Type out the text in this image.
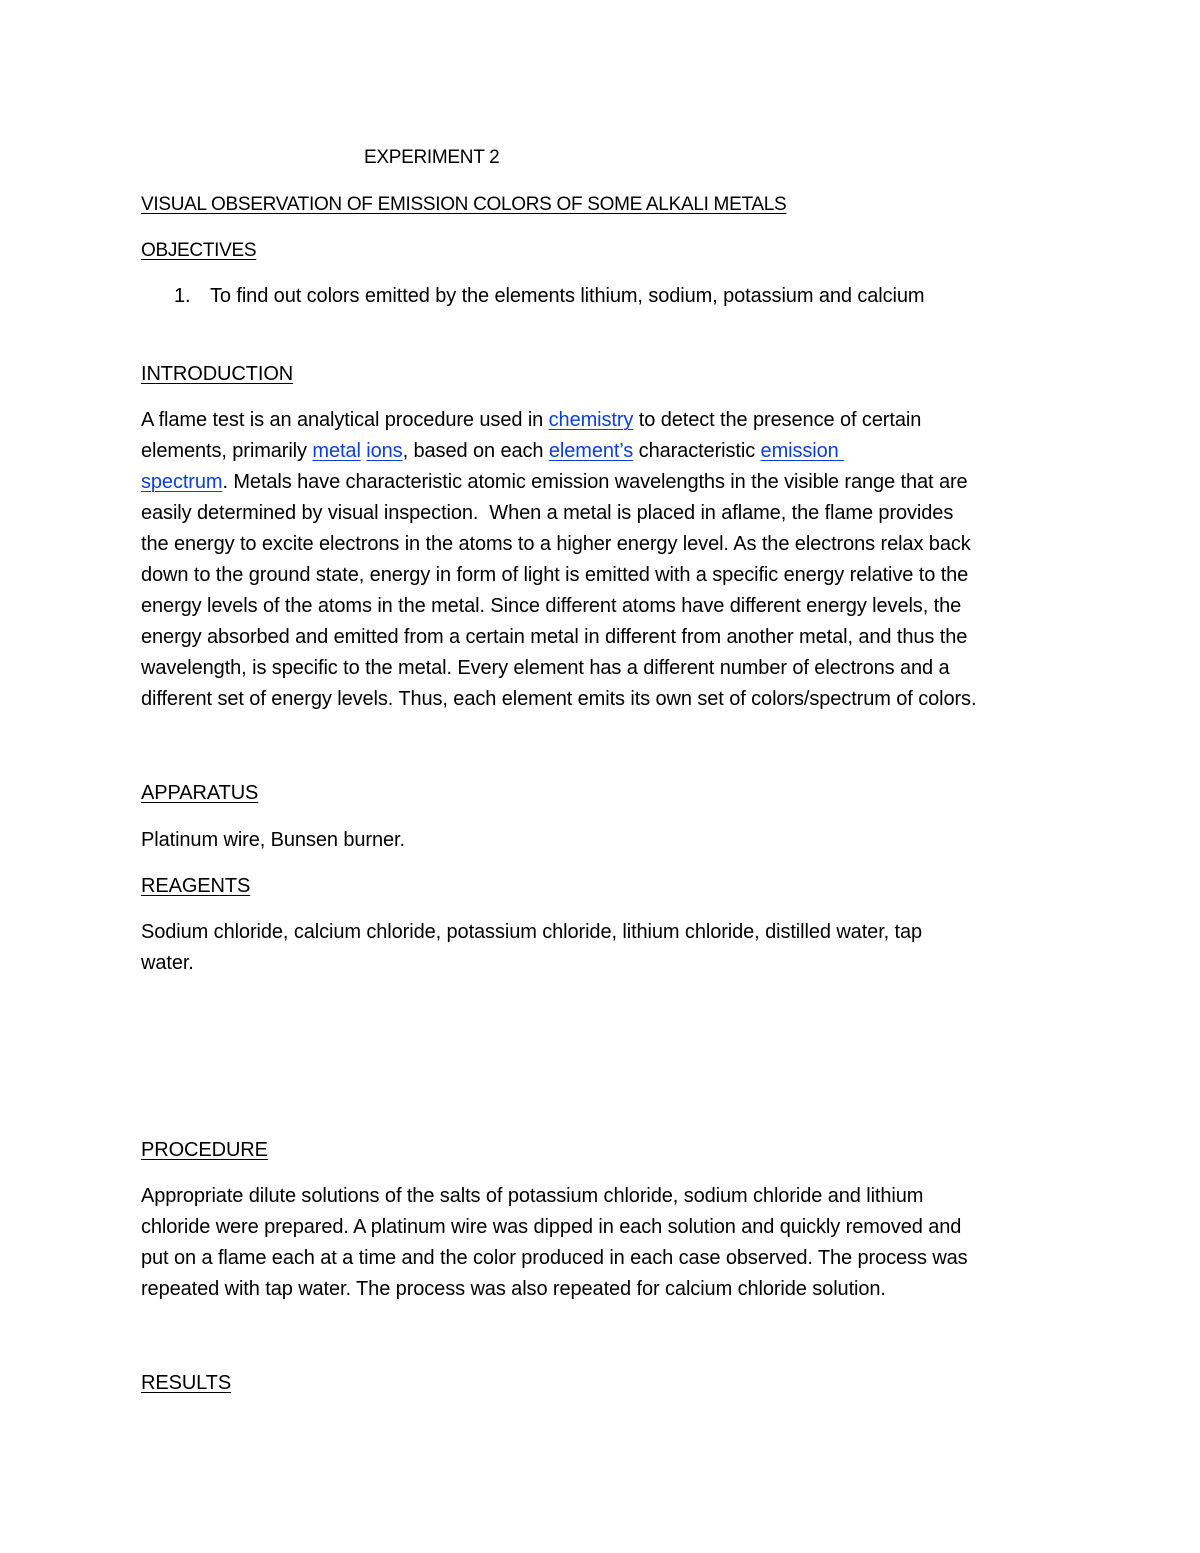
EXPERIMENT 2

VISUAL OBSERVATION OF EMISSION COLORS OF SOME ALKALI METALS

OBJECTIVES

1. To find out colors emitted by the elements lithium, sodium, potassium and calcium

INTRODUCTION

A flame test is an analytical procedure used in chemistry to detect the presence of certain
elements, primarily metal ions, based on each element’s characteristic emission
spectrum. Metals have characteristic atomic emission wavelengths in the visible range that are
easily determined by visual inspection.  When a metal is placed in aflame, the flame provides
the energy to excite electrons in the atoms to a higher energy level. As the electrons relax back
down to the ground state, energy in form of light is emitted with a specific energy relative to the
energy levels of the atoms in the metal. Since different atoms have different energy levels, the
energy absorbed and emitted from a certain metal in different from another metal, and thus the
wavelength, is specific to the metal. Every element has a different number of electrons and a
different set of energy levels. Thus, each element emits its own set of colors/spectrum of colors.

APPARATUS

Platinum wire, Bunsen burner.

REAGENTS

Sodium chloride, calcium chloride, potassium chloride, lithium chloride, distilled water, tap
water.

PROCEDURE

Appropriate dilute solutions of the salts of potassium chloride, sodium chloride and lithium
chloride were prepared. A platinum wire was dipped in each solution and quickly removed and
put on a flame each at a time and the color produced in each case observed. The process was
repeated with tap water. The process was also repeated for calcium chloride solution.

RESULTS
